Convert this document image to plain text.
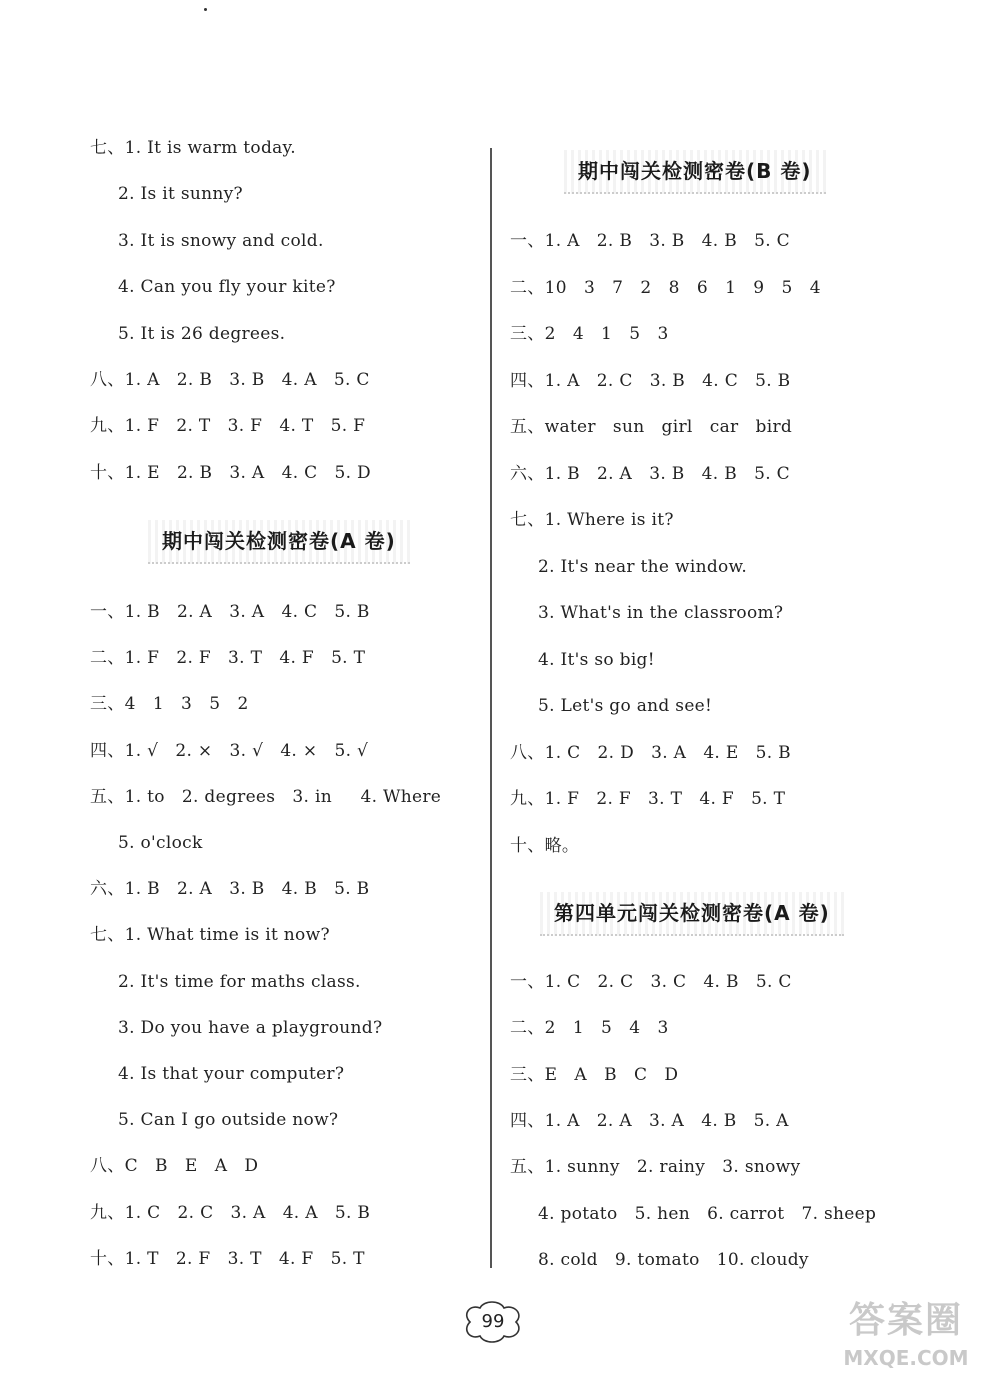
期中闯关检测密卷(A 卷)
七、1. It is warm today.
2. Is it sunny?
3. It is snowy and cold.
4. Can you fly your kite?
5. It is 26 degrees.
八、1. A   2. B   3. B   4. A   5. C
九、1. F   2. T   3. F   4. T   5. F
十、1. E   2. B   3. A   4. C   5. D
一、1. B   2. A   3. A   4. C   5. B
二、1. F   2. F   3. T   4. F   5. T
三、4   1   3   5   2
四、1. √   2. ×   3. √   4. ×   5. √
五、1. to   2. degrees   3. in     4. Where
5. o'clock
六、1. B   2. A   3. B   4. B   5. B
七、1. What time is it now?
2. It's time for maths class.
3. Do you have a playground?
4. Is that your computer?
5. Can I go outside now?
八、C   B   E   A   D
九、1. C   2. C   3. A   4. A   5. B
十、1. T   2. F   3. T   4. F   5. T
期中闯关检测密卷(B 卷)
第四单元闯关检测密卷(A 卷)
一、1. A   2. B   3. B   4. B   5. C
二、10   3   7   2   8   6   1   9   5   4
三、2   4   1   5   3
四、1. A   2. C   3. B   4. C   5. B
五、water   sun   girl   car   bird
六、1. B   2. A   3. B   4. B   5. C
七、1. Where is it?
2. It's near the window.
3. What's in the classroom?
4. It's so big!
5. Let's go and see!
八、1. C   2. D   3. A   4. E   5. B
九、1. F   2. F   3. T   4. F   5. T
十、略。
一、1. C   2. C   3. C   4. B   5. C
二、2   1   5   4   3
三、E   A   B   C   D
四、1. A   2. A   3. A   4. B   5. A
五、1. sunny   2. rainy   3. snowy
4. potato   5. hen   6. carrot   7. sheep
8. cold   9. tomato   10. cloudy
99	答案圈
MXQE.COM
